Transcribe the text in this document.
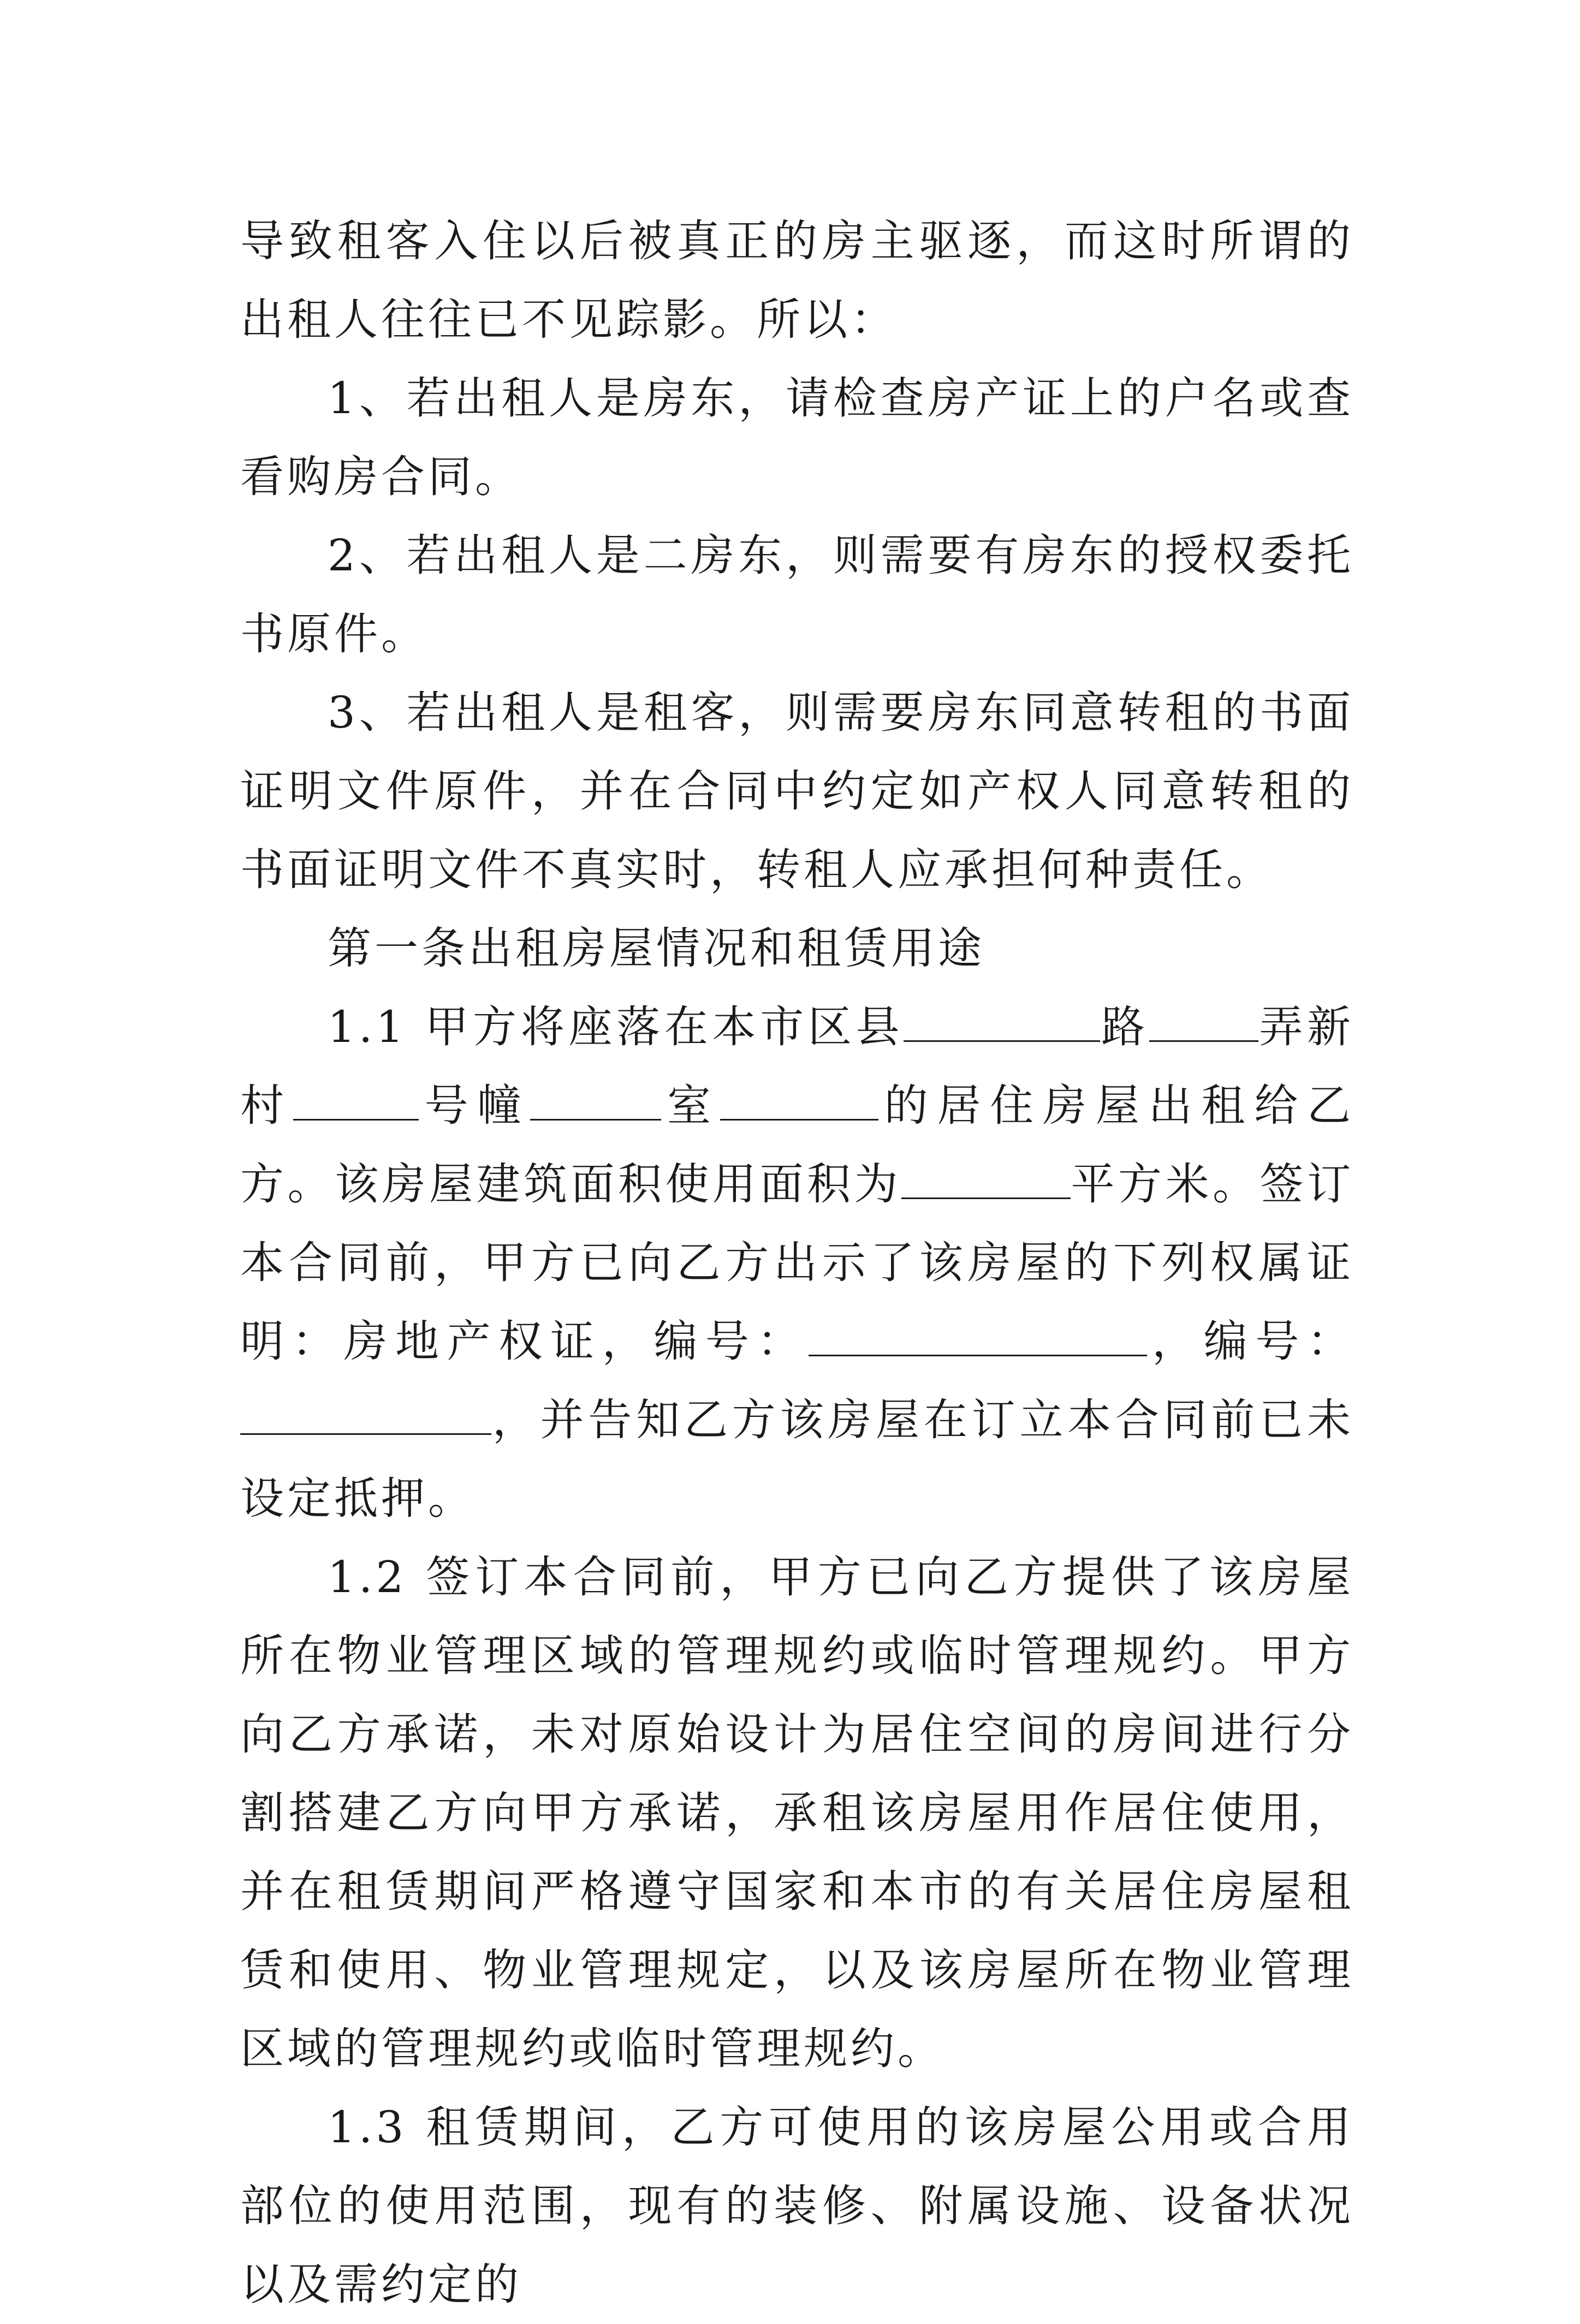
导致租客入住以后被真正的房主驱逐，而这时所谓的出租人往往已不见踪影。所以：

1、若出租人是房东，请检查房产证上的户名或查看购房合同。

2、若出租人是二房东，则需要有房东的授权委托书原件。

3、若出租人是租客，则需要房东同意转租的书面证明文件原件，并在合同中约定如产权人同意转租的书面证明文件不真实时，转租人应承担何种责任。

第一条出租房屋情况和租赁用途

1.1 甲方将座落在本市区县	路	弄新村	号幢	室	的居住房屋出租给乙方。该房屋建筑面积使用面积为	平方米。签订本合同前，甲方已向乙方出示了该房屋的下列权属证明：房地产权证，编号：	，编号：，并告知乙方该房屋在订立本合同前已未设定抵押。

1.2 签订本合同前，甲方已向乙方提供了该房屋所在物业管理区域的管理规约或临时管理规约。甲方向乙方承诺，未对原始设计为居住空间的房间进行分割搭建乙方向甲方承诺，承租该房屋用作居住使用，并在租赁期间严格遵守国家和本市的有关居住房屋租赁和使用、物业管理规定，以及该房屋所在物业管理区域的管理规约或临时管理规约。

1.3 租赁期间，乙方可使用的该房屋公用或合用部位的使用范围，现有的装修、附属设施、设备状况以及需约定的
